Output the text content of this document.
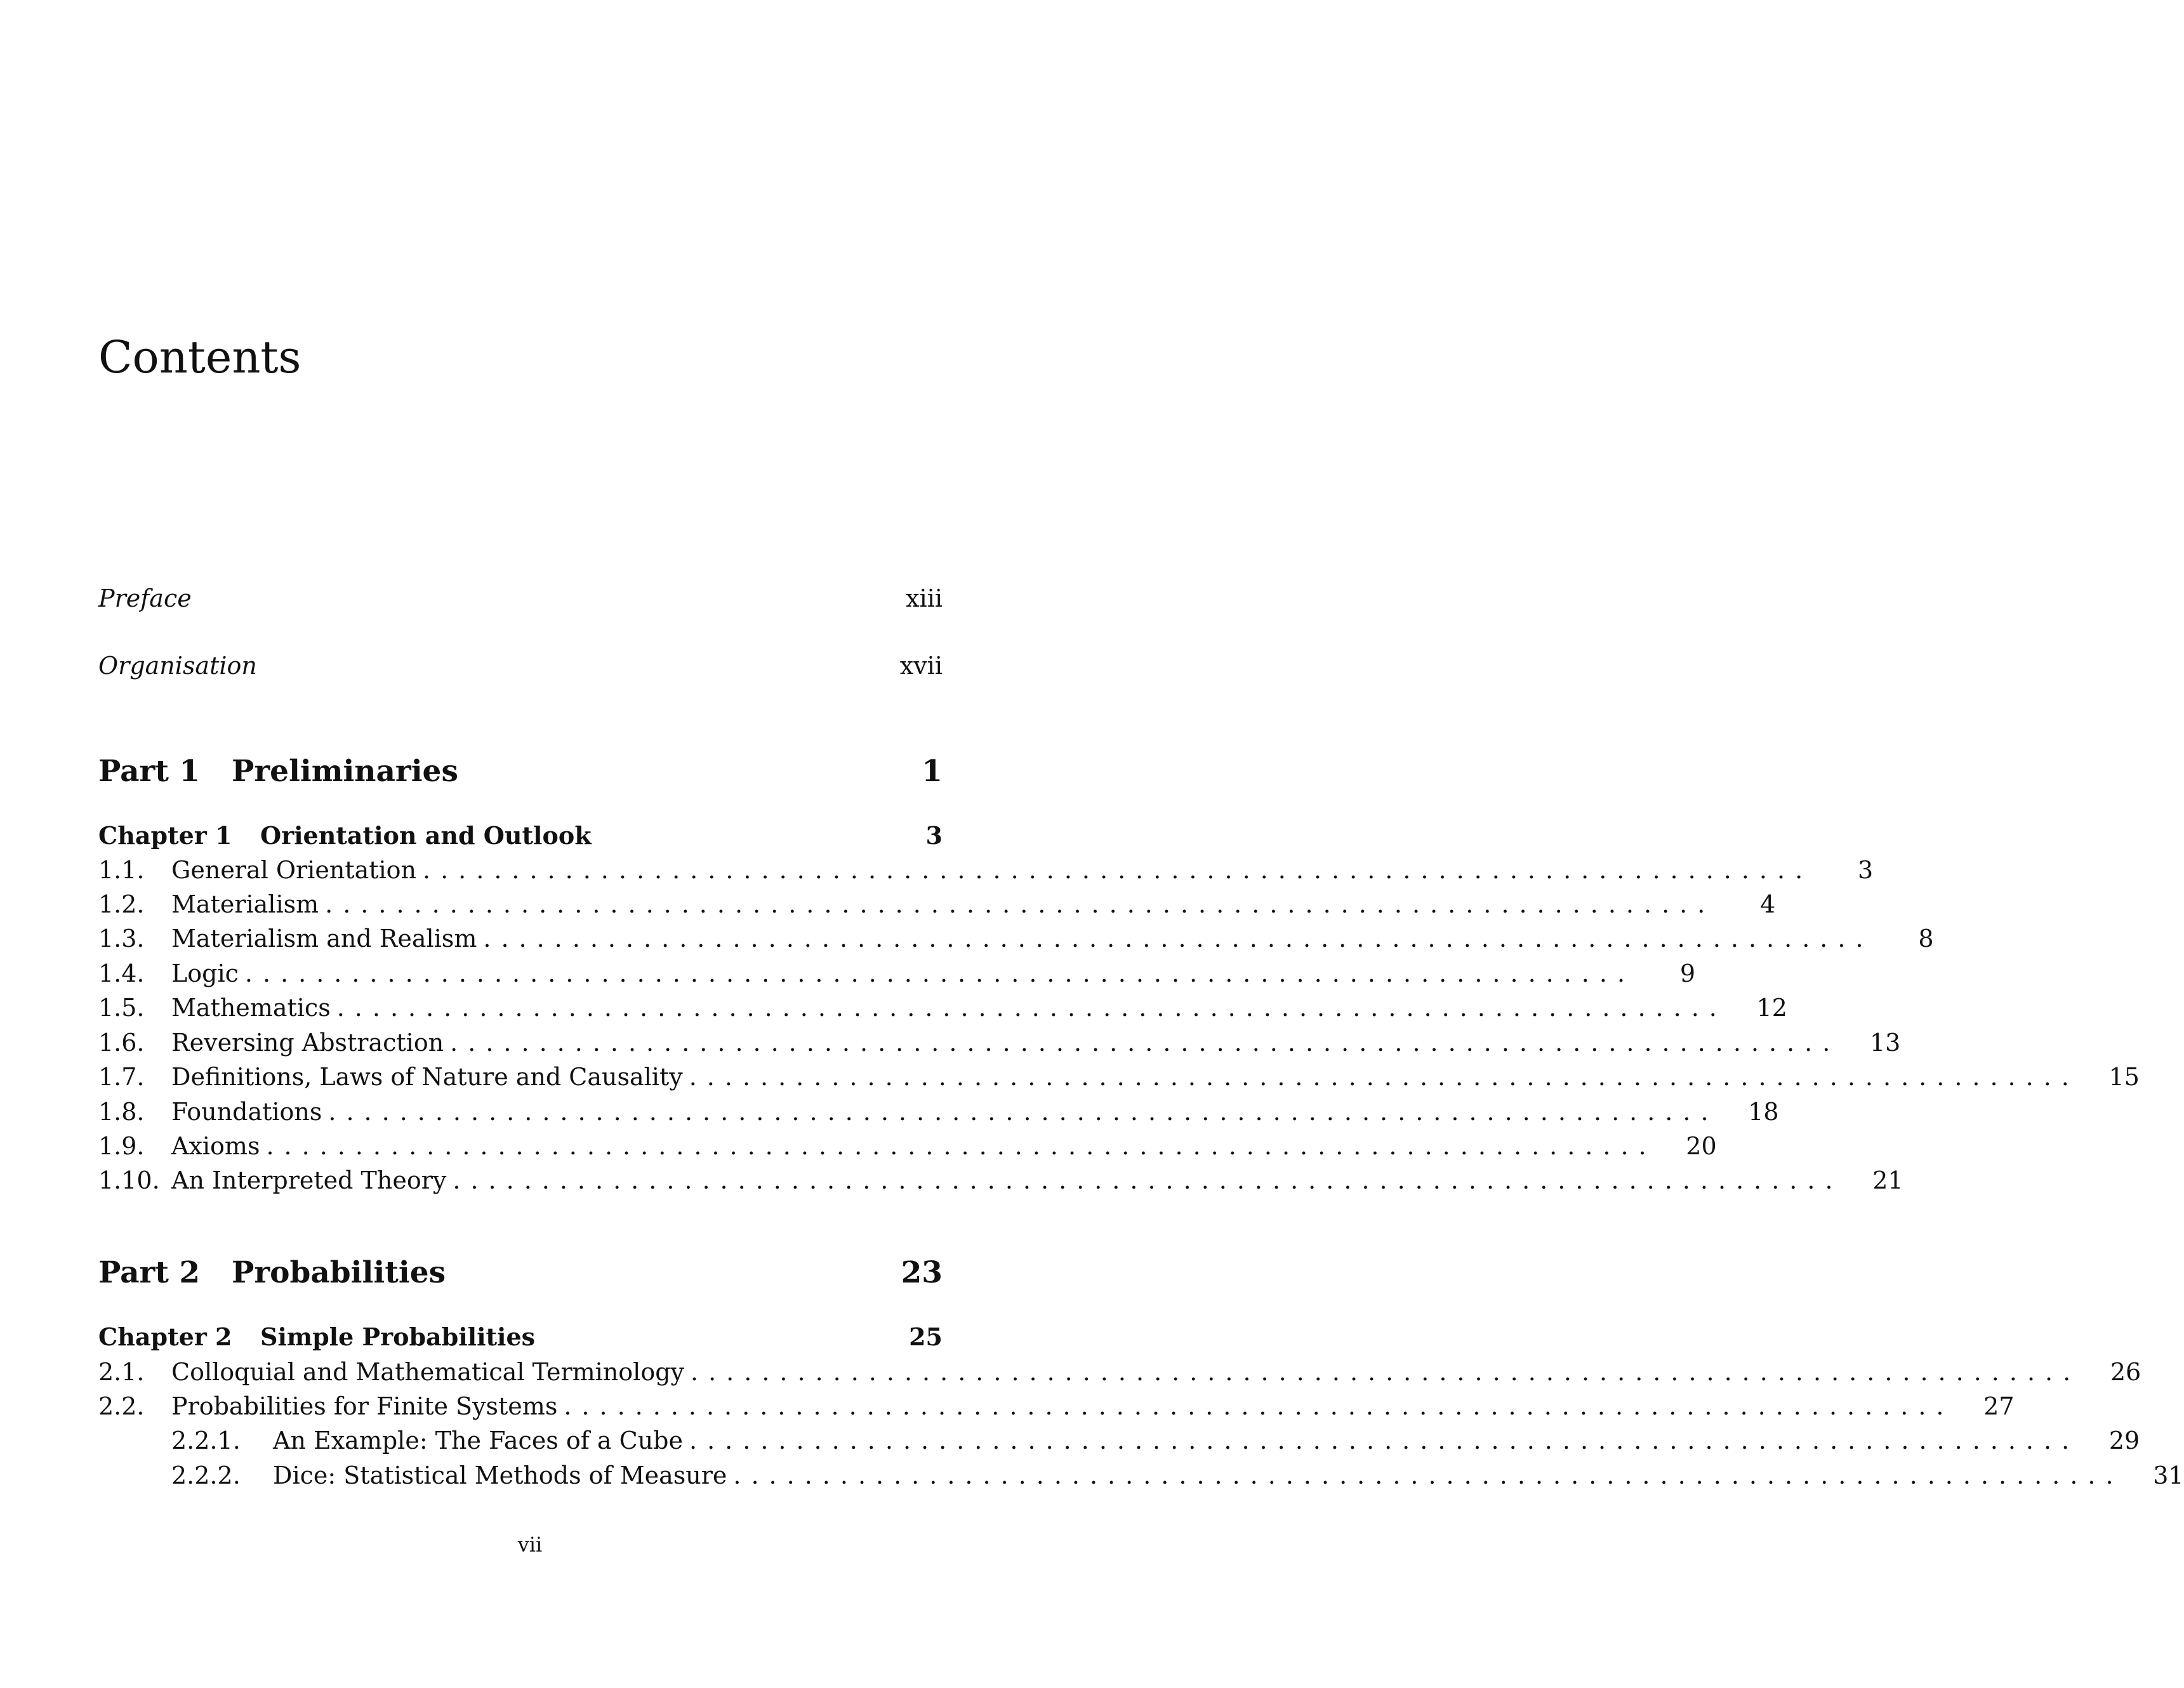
Contents
Preface	xiii
Organisation	xvii
Part 1	Preliminaries	1
Chapter 1	Orientation and Outlook	3
1.1.	General Orientation ..............................................................................	3
1.2.	Materialism ..............................................................................	4
1.3.	Materialism and Realism ..............................................................................	8
1.4.	Logic ..............................................................................	9
1.5.	Mathematics ..............................................................................	12
1.6.	Reversing Abstraction ..............................................................................	13
1.7.	Definitions, Laws of Nature and Causality ..............................................................................	15
1.8.	Foundations ..............................................................................	18
1.9.	Axioms ..............................................................................	20
1.10. An Interpreted Theory ..............................................................................	21
Part 2	Probabilities	23
Chapter 2	Simple Probabilities	25
2.1.	Colloquial and Mathematical Terminology ..............................................................................	26
2.2.	Probabilities for Finite Systems ..............................................................................	27
2.2.1.	An Example: The Faces of a Cube ..............................................................................	29
2.2.2.	Dice: Statistical Methods of Measure ..............................................................................	31
vii
